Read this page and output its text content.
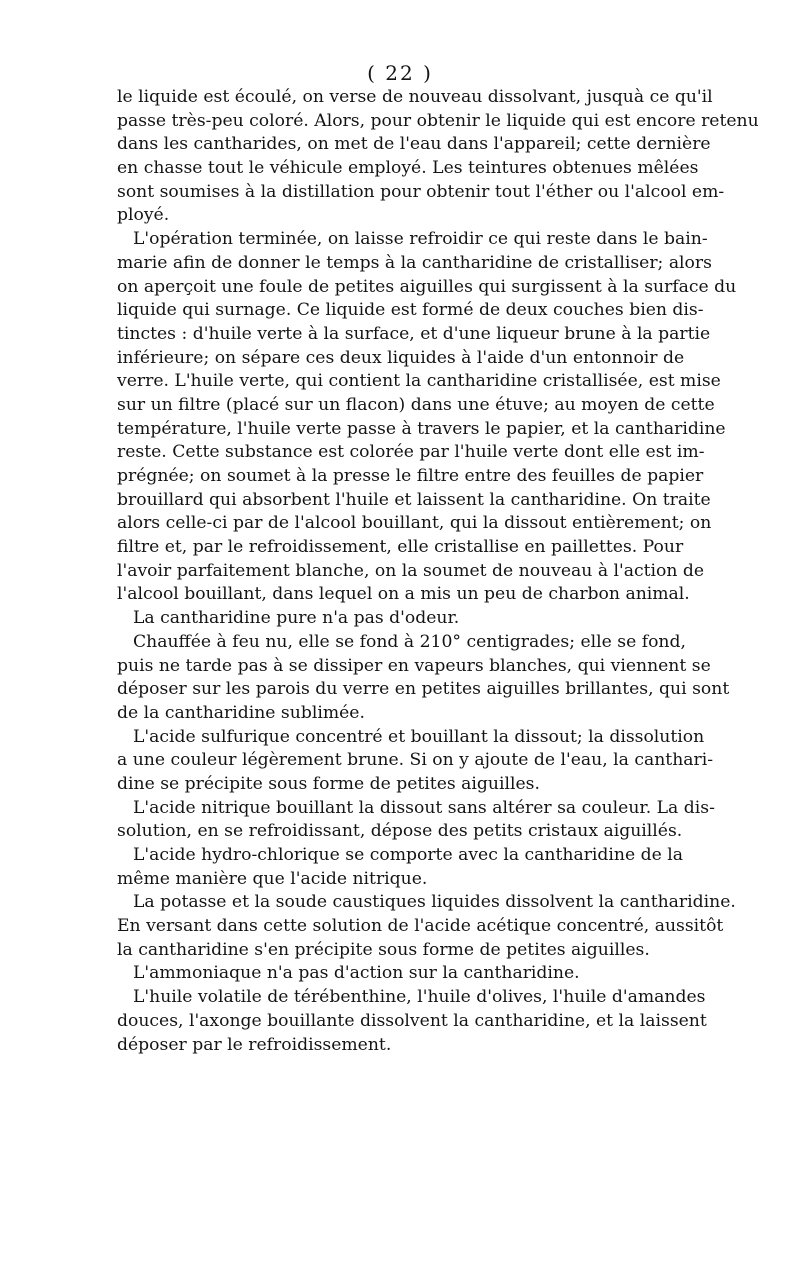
( 22 )
le liquide est écoulé, on verse de nouveau dissolvant, jusquà ce qu'il
passe très-peu coloré. Alors, pour obtenir le liquide qui est encore retenu
dans les cantharides, on met de l'eau dans l'appareil; cette dernière
en chasse tout le véhicule employé. Les teintures obtenues mêlées
sont soumises à la distillation pour obtenir tout l'éther ou l'alcool em-
ployé.
L'opération terminée, on laisse refroidir ce qui reste dans le bain-
marie afin de donner le temps à la cantharidine de cristalliser; alors
on aperçoit une foule de petites aiguilles qui surgissent à la surface du
liquide qui surnage. Ce liquide est formé de deux couches bien dis-
tinctes : d'huile verte à la surface, et d'une liqueur brune à la partie
inférieure; on sépare ces deux liquides à l'aide d'un entonnoir de
verre. L'huile verte, qui contient la cantharidine cristallisée, est mise
sur un filtre (placé sur un flacon) dans une étuve; au moyen de cette
température, l'huile verte passe à travers le papier, et la cantharidine
reste. Cette substance est colorée par l'huile verte dont elle est im-
prégnée; on soumet à la presse le filtre entre des feuilles de papier
brouillard qui absorbent l'huile et laissent la cantharidine. On traite
alors celle-ci par de l'alcool bouillant, qui la dissout entièrement; on
filtre et, par le refroidissement, elle cristallise en paillettes. Pour
l'avoir parfaitement blanche, on la soumet de nouveau à l'action de
l'alcool bouillant, dans lequel on a mis un peu de charbon animal.
La cantharidine pure n'a pas d'odeur.
Chauffée à feu nu, elle se fond à 210° centigrades; elle se fond,
puis ne tarde pas à se dissiper en vapeurs blanches, qui viennent se
déposer sur les parois du verre en petites aiguilles brillantes, qui sont
de la cantharidine sublimée.
L'acide sulfurique concentré et bouillant la dissout; la dissolution
a une couleur légèrement brune. Si on y ajoute de l'eau, la canthari-
dine se précipite sous forme de petites aiguilles.
L'acide nitrique bouillant la dissout sans altérer sa couleur. La dis-
solution, en se refroidissant, dépose des petits cristaux aiguillés.
L'acide hydro-chlorique se comporte avec la cantharidine de la
même manière que l'acide nitrique.
La potasse et la soude caustiques liquides dissolvent la cantharidine.
En versant dans cette solution de l'acide acétique concentré, aussitôt
la cantharidine s'en précipite sous forme de petites aiguilles.
L'ammoniaque n'a pas d'action sur la cantharidine.
L'huile volatile de térébenthine, l'huile d'olives, l'huile d'amandes
douces, l'axonge bouillante dissolvent la cantharidine, et la laissent
déposer par le refroidissement.
